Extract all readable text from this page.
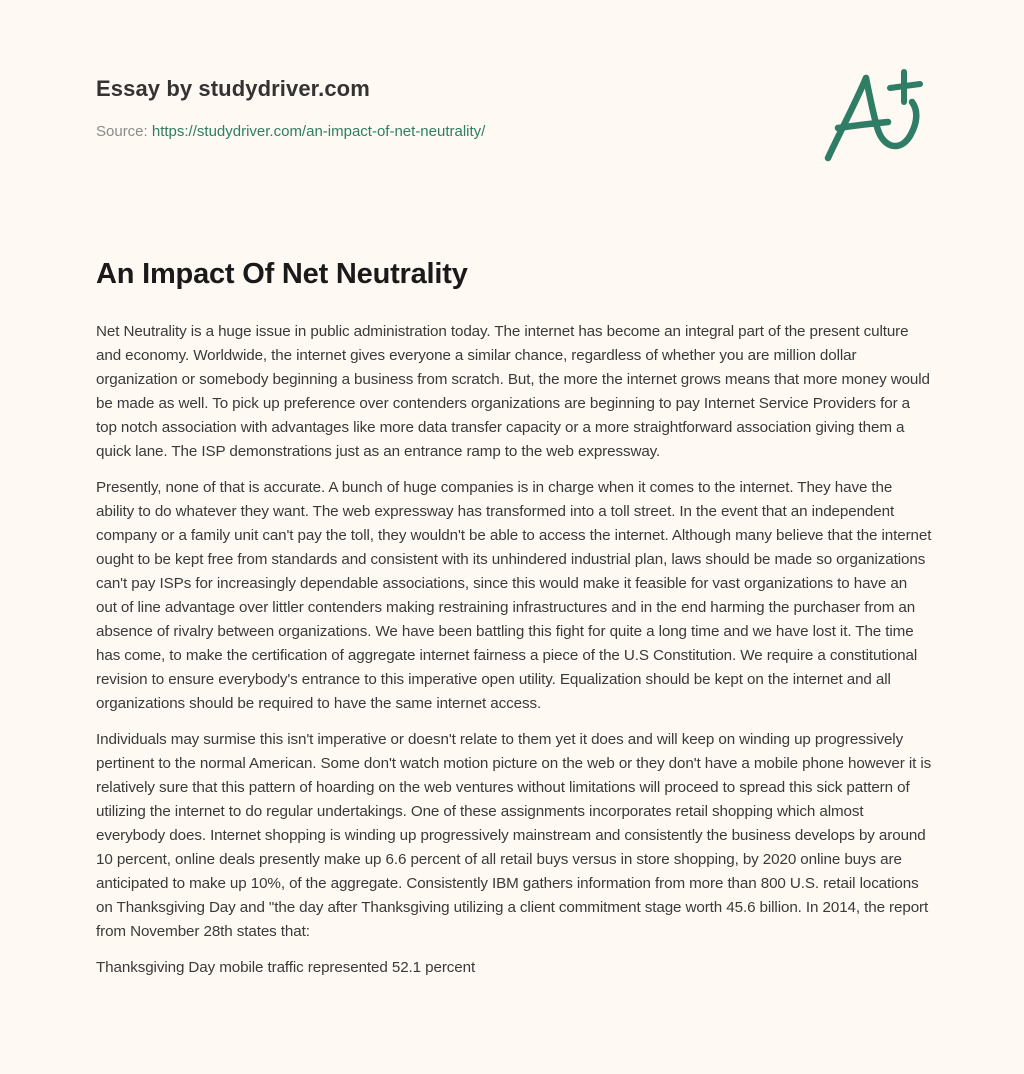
Essay by studydriver.com
Source: https://studydriver.com/an-impact-of-net-neutrality/
An Impact Of Net Neutrality

Net Neutrality is a huge issue in public administration today. The internet has become an integral part of the present culture and economy. Worldwide, the internet gives everyone a similar chance, regardless of whether you are million dollar organization or somebody beginning a business from scratch. But, the more the internet grows means that more money would be made as well. To pick up preference over contenders organizations are beginning to pay Internet Service Providers for a top notch association with advantages like more data transfer capacity or a more straightforward association giving them a quick lane. The ISP demonstrations just as an entrance ramp to the web expressway.

Presently, none of that is accurate. A bunch of huge companies is in charge when it comes to the internet. They have the ability to do whatever they want. The web expressway has transformed into a toll street. In the event that an independent company or a family unit can't pay the toll, they wouldn't be able to access the internet. Although many believe that the internet ought to be kept free from standards and consistent with its unhindered industrial plan, laws should be made so organizations can't pay ISPs for increasingly dependable associations, since this would make it feasible for vast organizations to have an out of line advantage over littler contenders making restraining infrastructures and in the end harming the purchaser from an absence of rivalry between organizations. We have been battling this fight for quite a long time and we have lost it. The time has come, to make the certification of aggregate internet fairness a piece of the U.S Constitution. We require a constitutional revision to ensure everybody's entrance to this imperative open utility. Equalization should be kept on the internet and all organizations should be required to have the same internet access.

Individuals may surmise this isn't imperative or doesn't relate to them yet it does and will keep on winding up progressively pertinent to the normal American. Some don't watch motion picture on the web or they don't have a mobile phone however it is relatively sure that this pattern of hoarding on the web ventures without limitations will proceed to spread this sick pattern of utilizing the internet to do regular undertakings. One of these assignments incorporates retail shopping which almost everybody does. Internet shopping is winding up progressively mainstream and consistently the business develops by around 10 percent, online deals presently make up 6.6 percent of all retail buys versus in store shopping, by 2020 online buys are anticipated to make up 10%, of the aggregate. Consistently IBM gathers information from more than 800 U.S. retail locations on Thanksgiving Day and "the day after Thanksgiving utilizing a client commitment stage worth 45.6 billion. In 2014, the report from November 28th states that:

Thanksgiving Day mobile traffic represented 52.1 percent
